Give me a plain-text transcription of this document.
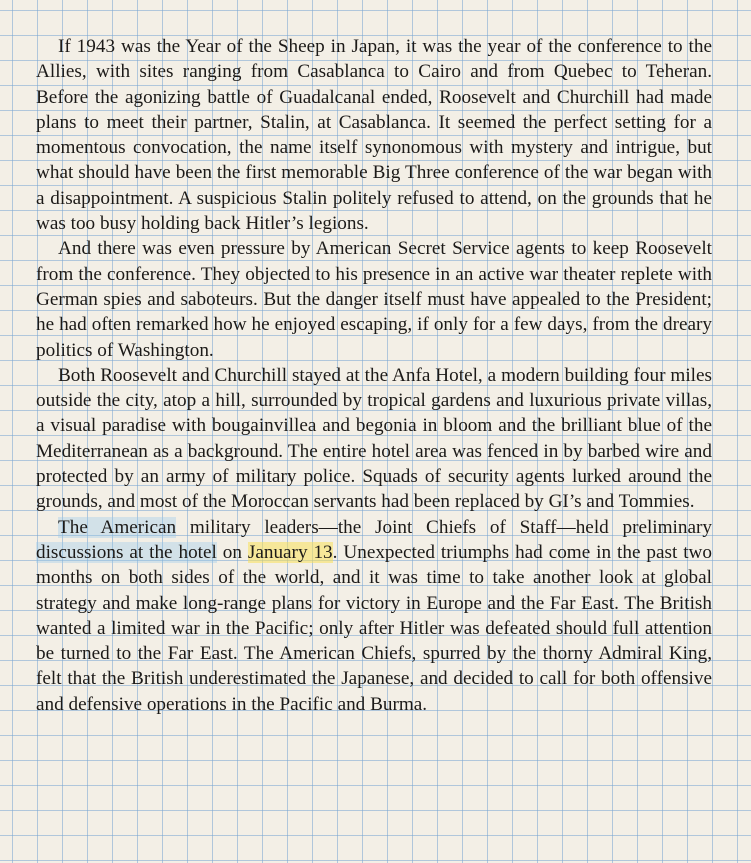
If 1943 was the Year of the Sheep in Japan, it was the year of the conference to the Allies, with sites ranging from Casablanca to Cairo and from Quebec to Teheran. Before the agonizing battle of Guadalcanal ended, Roosevelt and Churchill had made plans to meet their partner, Stalin, at Casablanca. It seemed the perfect setting for a momentous convocation, the name itself synonomous with mystery and intrigue, but what should have been the first memorable Big Three conference of the war began with a disappointment. A suspicious Stalin politely refused to attend, on the grounds that he was too busy holding back Hitler’s legions.

And there was even pressure by American Secret Service agents to keep Roosevelt from the conference. They objected to his presence in an active war theater replete with German spies and saboteurs. But the danger itself must have appealed to the President; he had often remarked how he enjoyed escaping, if only for a few days, from the dreary politics of Washington.

Both Roosevelt and Churchill stayed at the Anfa Hotel, a modern building four miles outside the city, atop a hill, surrounded by tropical gardens and luxurious private villas, a visual paradise with bougainvillea and begonia in bloom and the brilliant blue of the Mediterranean as a background. The entire hotel area was fenced in by barbed wire and protected by an army of military police. Squads of security agents lurked around the grounds, and most of the Moroccan servants had been replaced by GI’s and Tommies.

The American military leaders—the Joint Chiefs of Staff—held preliminary discussions at the hotel on January 13. Unexpected triumphs had come in the past two months on both sides of the world, and it was time to take another look at global strategy and make long-range plans for victory in Europe and the Far East. The British wanted a limited war in the Pacific; only after Hitler was defeated should full attention be turned to the Far East. The American Chiefs, spurred by the thorny Admiral King, felt that the British underestimated the Japanese, and decided to call for both offensive and defensive operations in the Pacific and Burma.
